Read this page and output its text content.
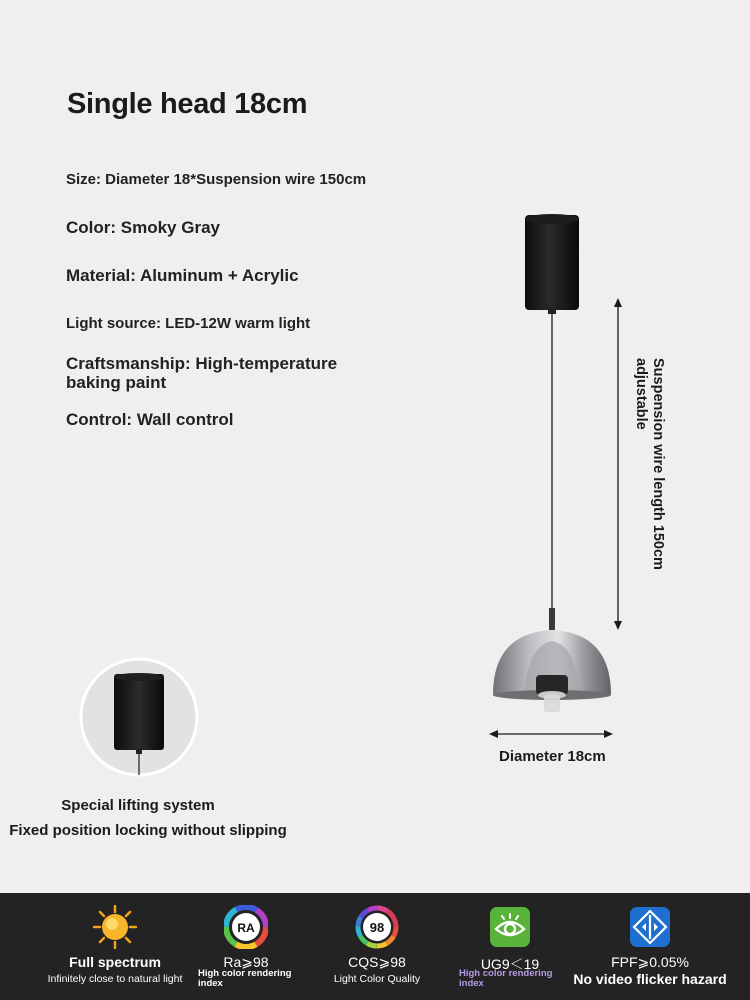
Single head 18cm
Size: Diameter 18*Suspension wire 150cm
Color: Smoky Gray
Material: Aluminum + Acrylic
Light source: LED-12W warm light
Craftsmanship: High-temperature
baking paint
Control: Wall control	Suspension wire length 150cm
adjustable
Diameter 18cm
Special lifting system
Fixed position locking without slipping
Full spectrum
Infinitely close to natural light
RA
Ra⩾98
High color rendering
index
98
CQS⩾98
Light Color Quality
UG9＜19
High color rendering
index
FPF⩾0.05%
No video flicker hazard
